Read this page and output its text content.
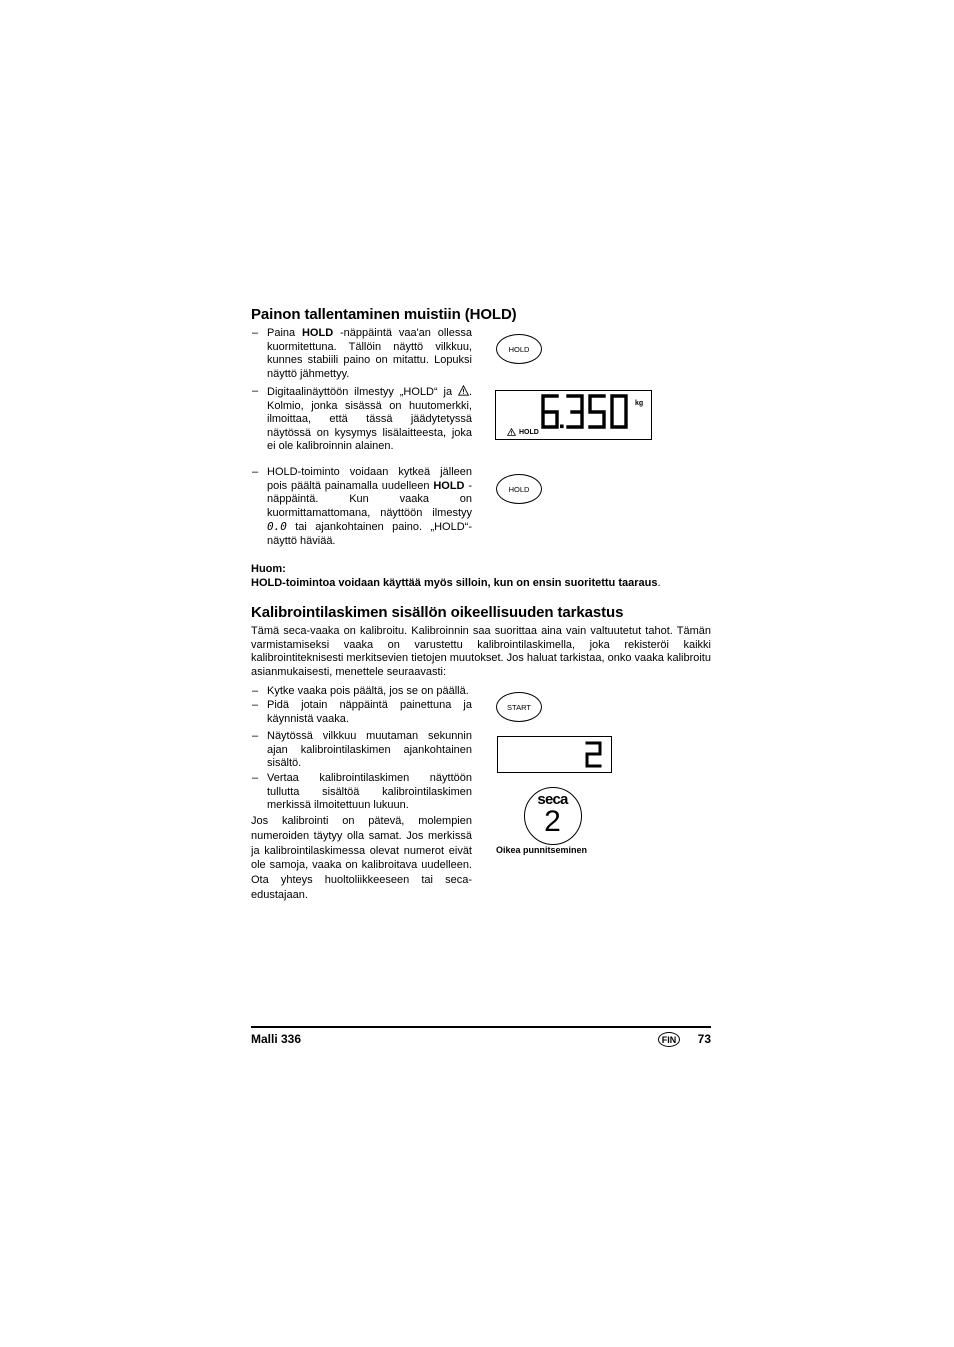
Painon tallentaminen muistiin (HOLD)
– Paina HOLD -näppäintä vaa'an ollessa kuormitettuna. Tällöin näyttö vilkkuu, kunnes stabiili paino on mitattu. Lopuksi näyttö jähmettyy.
– Digitaalinäyttöön ilmestyy „HOLD“ ja . Kolmio, jonka sisässä on huutomerkki, ilmoittaa, että tässä jäädytetyssä näytössä on kysymys lisälaitteesta, joka ei ole kalibroinnin alainen.
– HOLD-toiminto voidaan kytkeä jälleen pois päältä painamalla uudelleen HOLD -näppäintä. Kun vaaka on kuormittamattomana, näyttöön ilmestyy 0.0 tai ajankohtainen paino. „HOLD“-näyttö häviää.
Huom:
HOLD-toimintoa voidaan käyttää myös silloin, kun on ensin suoritettu taaraus.
HOLD
kg
HOLD
HOLD
Kalibrointilaskimen sisällön oikeellisuuden tarkastus
Tämä seca-vaaka on kalibroitu. Kalibroinnin saa suorittaa aina vain valtuutetut tahot. Tämän varmistamiseksi vaaka on varustettu kalibrointilaskimella, joka rekisteröi kaikki kalibrointiteknisesti merkitsevien tietojen muutokset. Jos haluat tarkistaa, onko vaaka kalibroitu asianmukaisesti, menettele seuraavasti:
– Kytke vaaka pois päältä, jos se on päällä.
– Pidä jotain näppäintä painettuna ja käynnistä vaaka.
– Näytössä vilkkuu muutaman sekunnin ajan kalibrointilaskimen ajankohtainen sisältö.
– Vertaa kalibrointilaskimen näyttöön tullutta sisältöä kalibrointilaskimen merkissä ilmoitettuun lukuun.
Jos kalibrointi on pätevä, molempien numeroiden täytyy olla samat. Jos merkissä ja kalibrointilaskimessa olevat numerot eivät ole samoja, vaaka on kalibroitava uudelleen. Ota yhteys huoltoliikkeeseen tai seca-edustajaan.
START
seca
2
Oikea punnitseminen
Malli 336	FIN	73
